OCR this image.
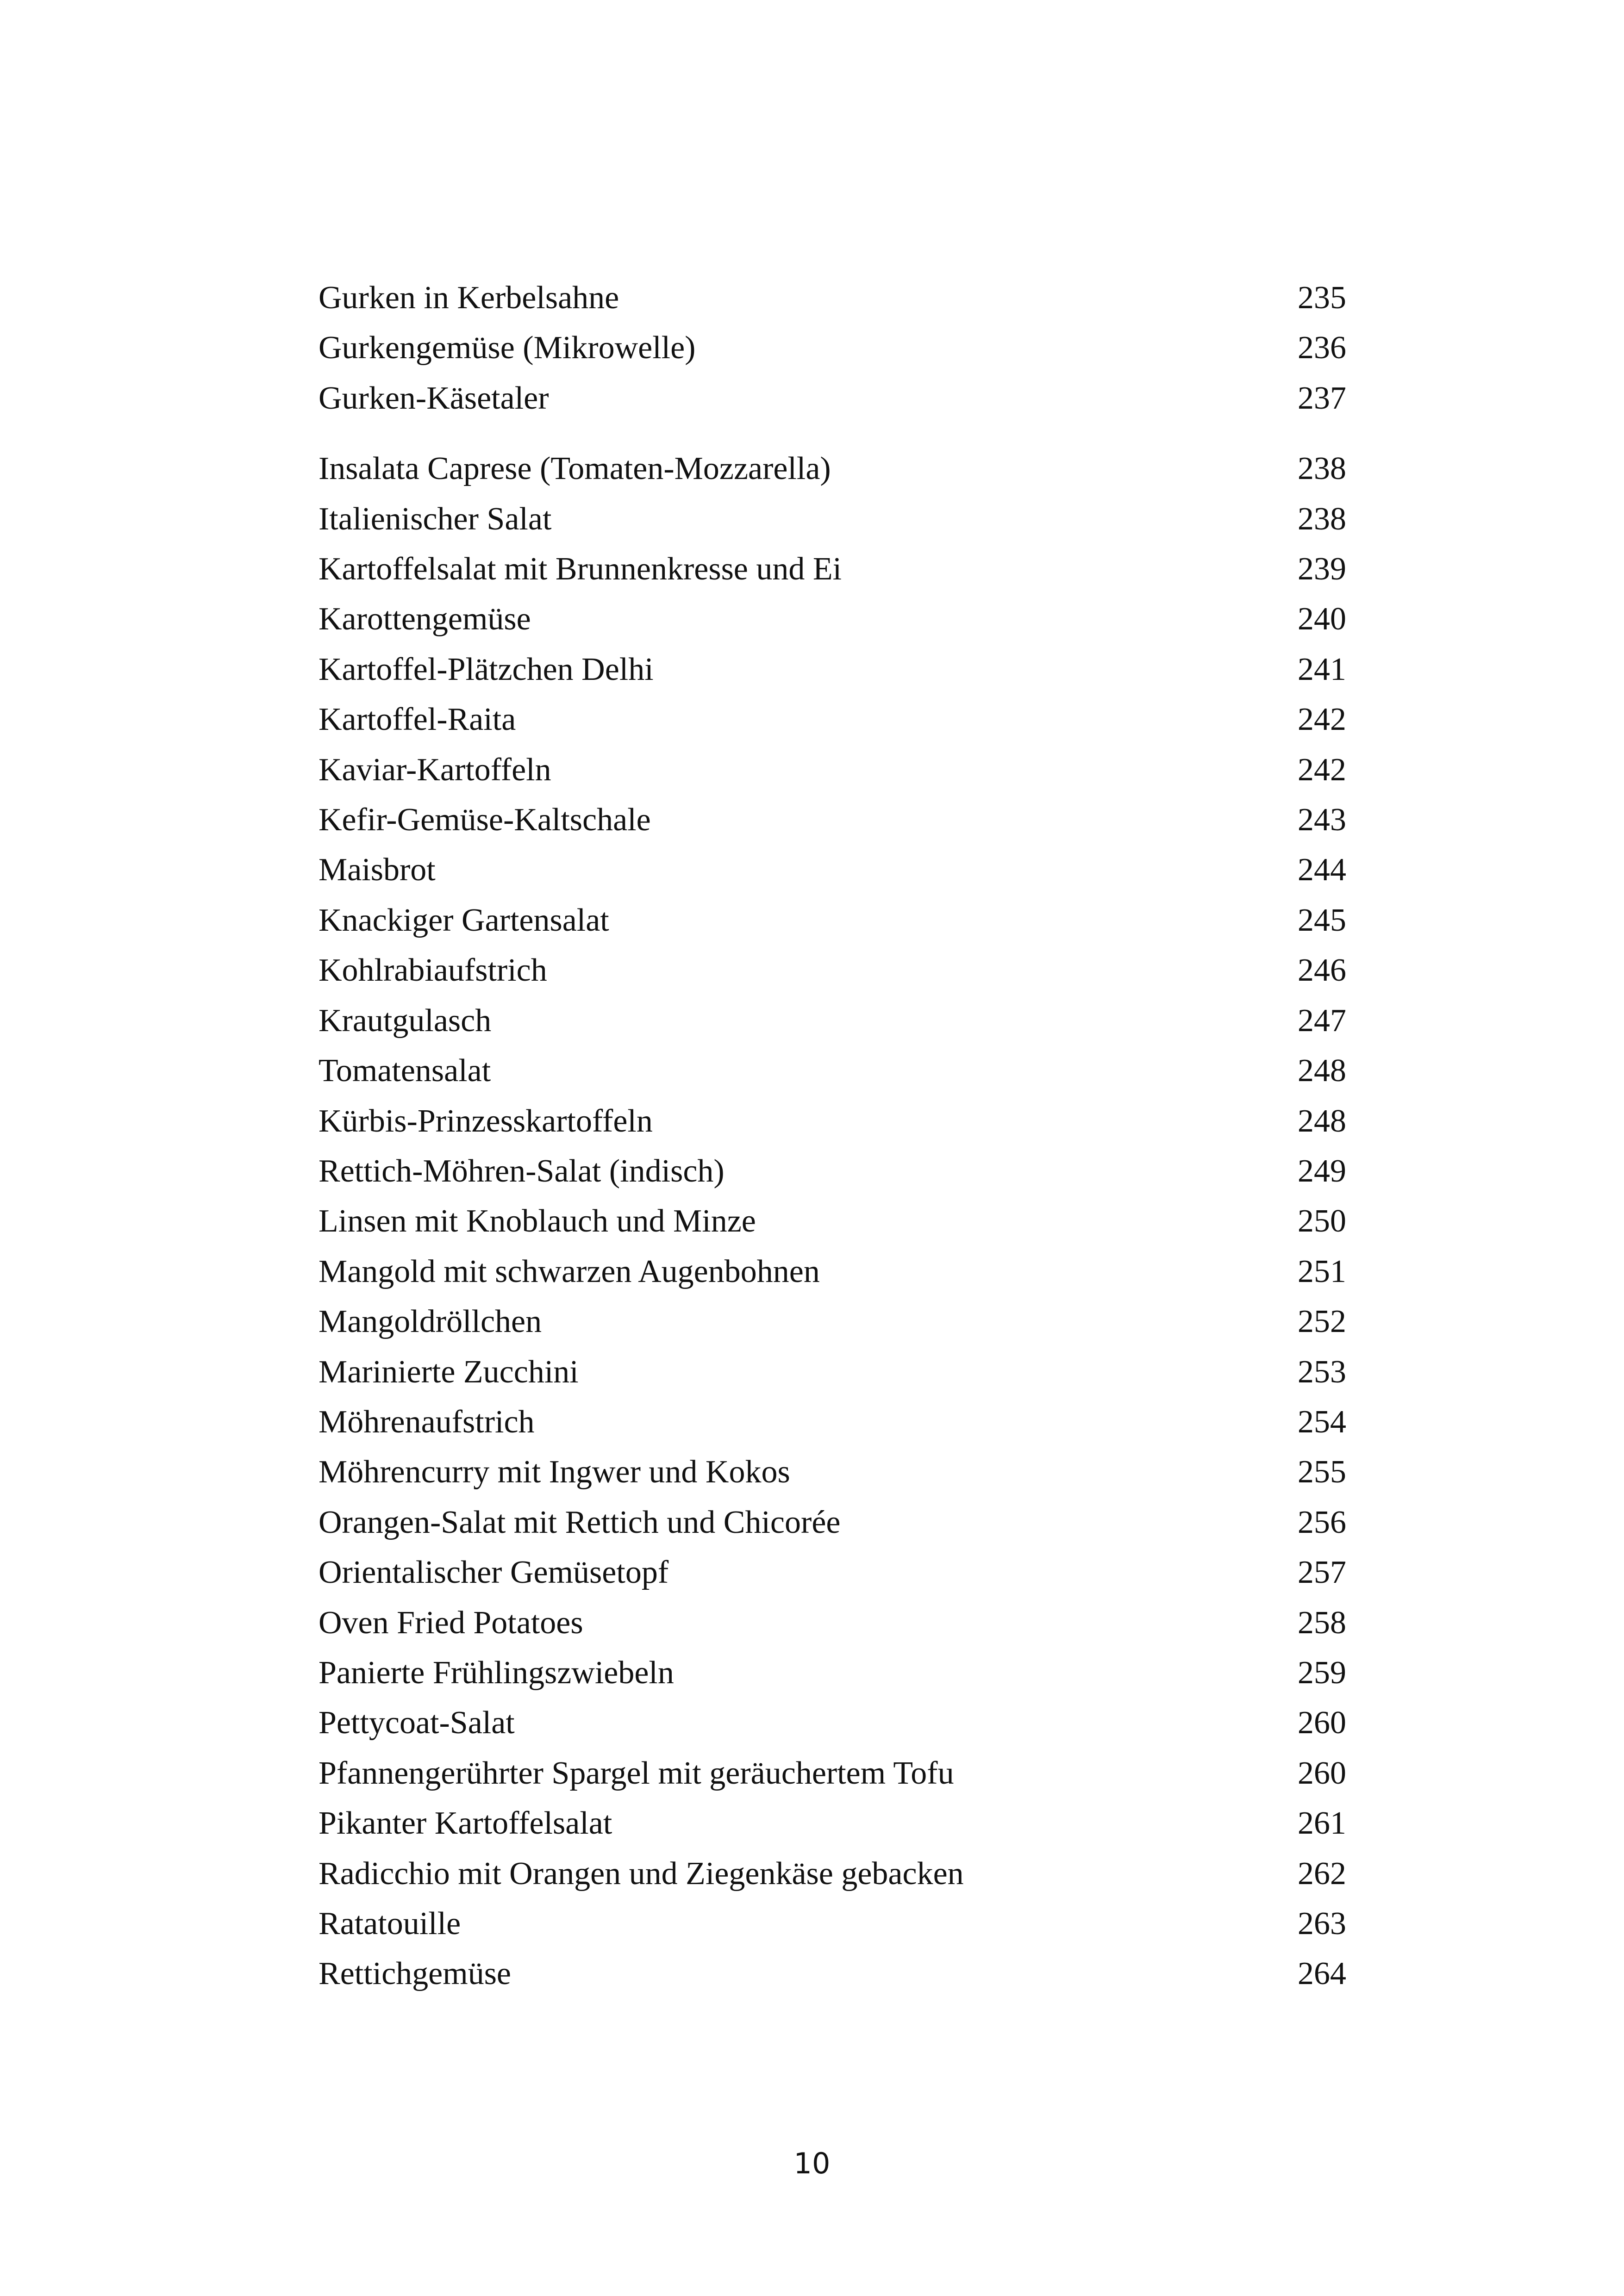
Gurken in Kerbelsahne	235
Gurkengemüse (Mikrowelle)	236
Gurken-Käsetaler	237
Insalata Caprese (Tomaten-Mozzarella)	238
Italienischer Salat	238
Kartoffelsalat mit Brunnenkresse und Ei	239
Karottengemüse	240
Kartoffel-Plätzchen Delhi	241
Kartoffel-Raita	242
Kaviar-Kartoffeln	242
Kefir-Gemüse-Kaltschale	243
Maisbrot	244
Knackiger Gartensalat	245
Kohlrabiaufstrich	246
Krautgulasch	247
Tomatensalat	248
Kürbis-Prinzesskartoffeln	248
Rettich-Möhren-Salat (indisch)	249
Linsen mit Knoblauch und Minze	250
Mangold mit schwarzen Augenbohnen	251
Mangoldröllchen	252
Marinierte Zucchini	253
Möhrenaufstrich	254
Möhrencurry mit Ingwer und Kokos	255
Orangen-Salat mit Rettich und Chicorée	256
Orientalischer Gemüsetopf	257
Oven Fried Potatoes	258
Panierte Frühlingszwiebeln	259
Pettycoat-Salat	260
Pfannengerührter Spargel mit geräuchertem Tofu	260
Pikanter Kartoffelsalat	261
Radicchio mit Orangen und Ziegenkäse gebacken	262
Ratatouille	263
Rettichgemüse	264
10
